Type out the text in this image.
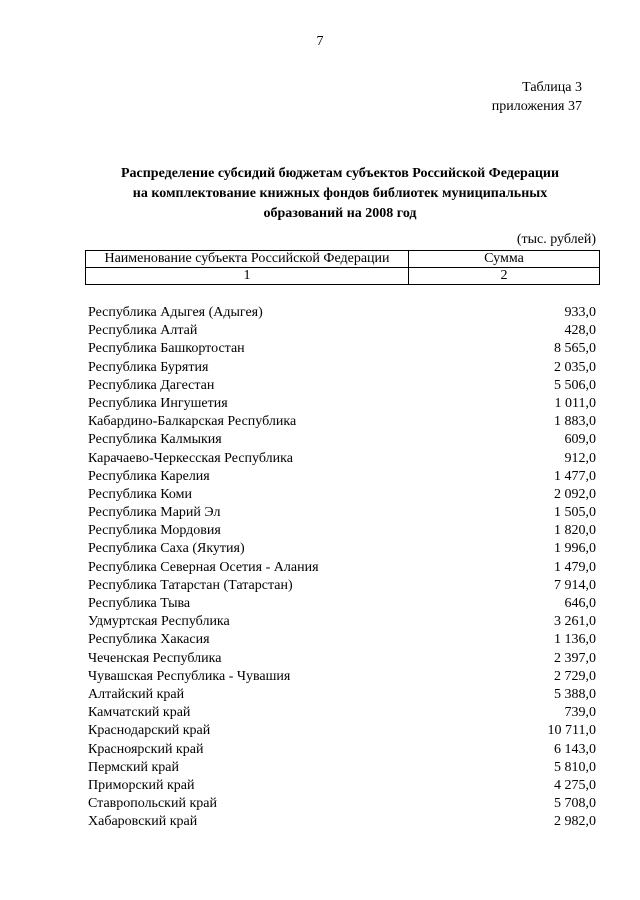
7
Таблица 3
приложения 37
Распределение субсидий бюджетам субъектов Российской Федерации
на комплектование книжных фондов библиотек муниципальных
образований на 2008 год
(тыс. рублей)
Наименование субъекта Российской Федерации	Сумма
1	2
Республика Адыгея (Адыгея)	933,0
Республика Алтай	428,0
Республика Башкортостан	8 565,0
Республика Бурятия	2 035,0
Республика Дагестан	5 506,0
Республика Ингушетия	1 011,0
Кабардино-Балкарская Республика	1 883,0
Республика Калмыкия	609,0
Карачаево-Черкесская Республика	912,0
Республика Карелия	1 477,0
Республика Коми	2 092,0
Республика Марий Эл	1 505,0
Республика Мордовия	1 820,0
Республика Саха (Якутия)	1 996,0
Республика Северная Осетия - Алания	1 479,0
Республика Татарстан (Татарстан)	7 914,0
Республика Тыва	646,0
Удмуртская Республика	3 261,0
Республика Хакасия	1 136,0
Чеченская Республика	2 397,0
Чувашская Республика - Чувашия	2 729,0
Алтайский край	5 388,0
Камчатский край	739,0
Краснодарский край	10 711,0
Красноярский край	6 143,0
Пермский край	5 810,0
Приморский край	4 275,0
Ставропольский край	5 708,0
Хабаровский край	2 982,0
